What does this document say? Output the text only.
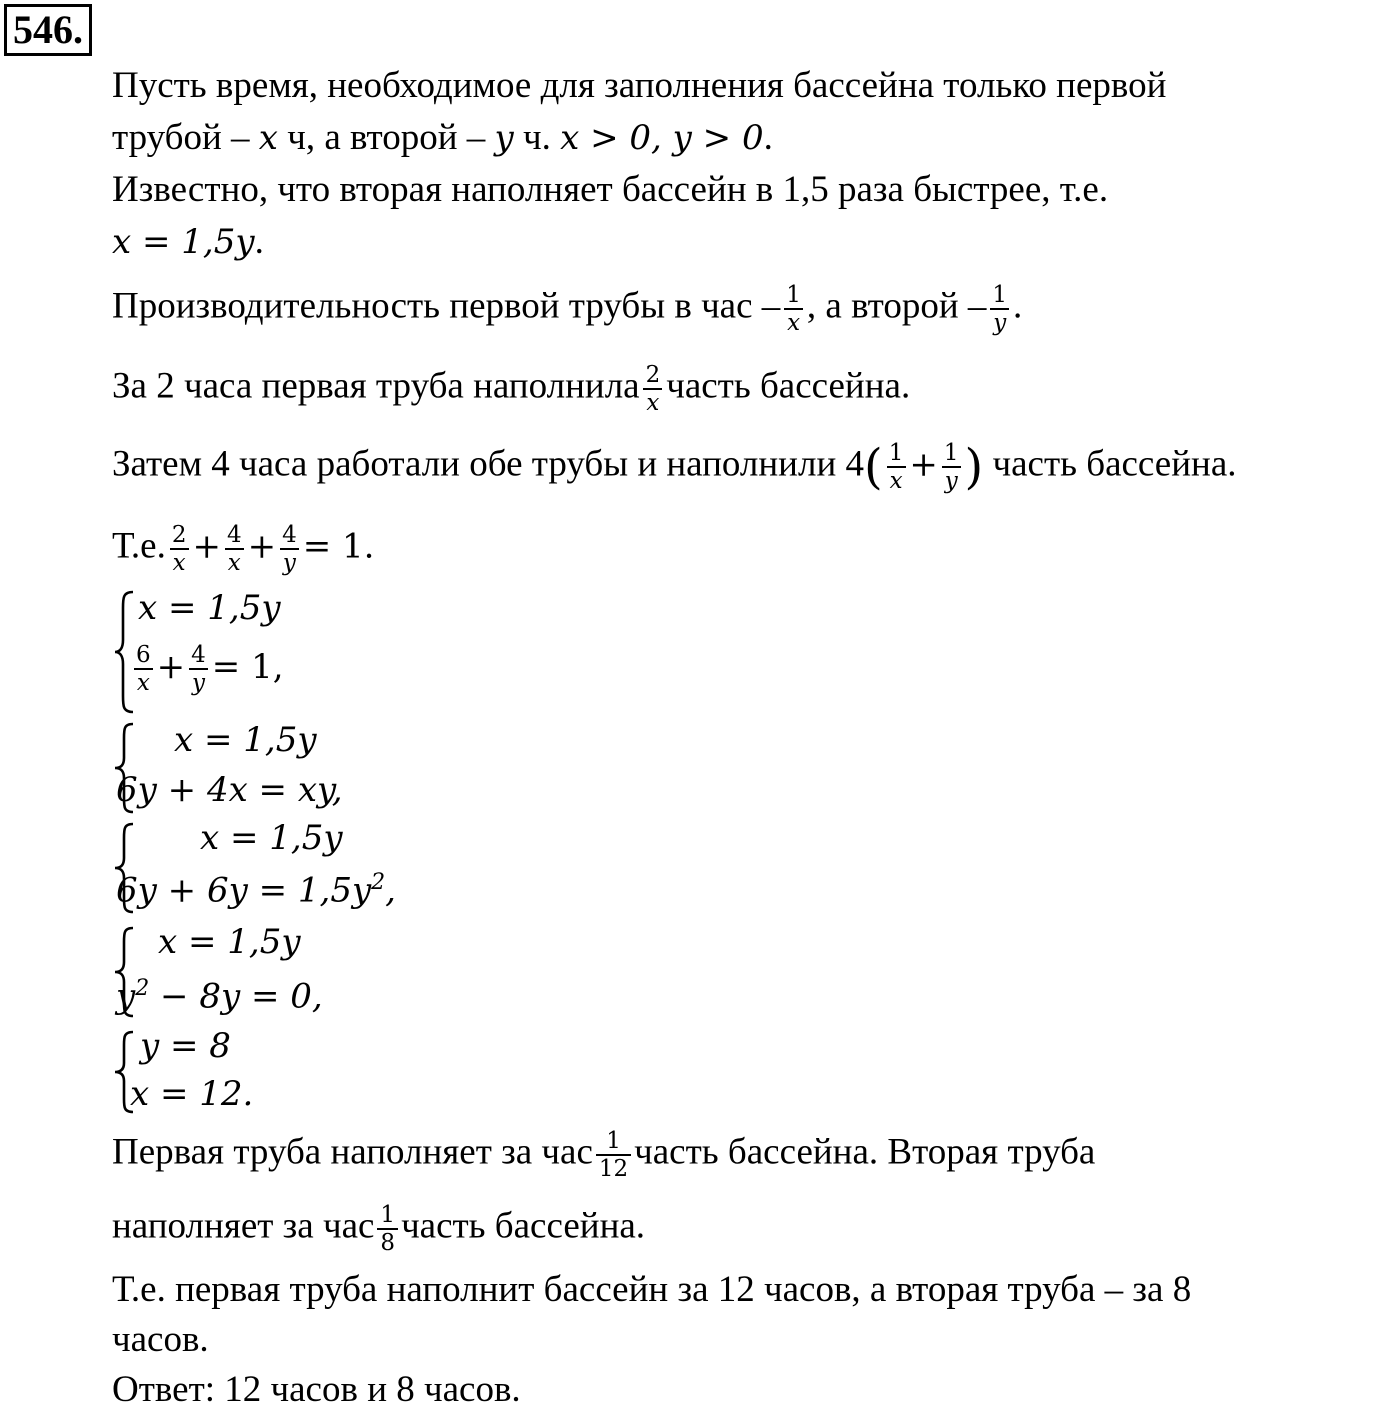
546.
Пусть время, необходимое для заполнения бассейна только первой
трубой – x ч, а второй – y ч. x > 0, y > 0.
Известно, что вторая наполняет бассейн в 1,5 раза быстрее, т.е.
x = 1,5y.
Производительность первой трубы в час – $\frac{1}{x}$ , а второй – $\frac{1}{y}$ .
За 2 часа первая труба наполнила $\frac{2}{x}$ часть бассейна.
Затем 4 часа работали обе трубы и наполнили $4( \frac{1}{x} + \frac{1}{y}$ ) часть бассейна.
Т.е. $\frac{2}{x} + \frac{4}{x} + \frac{4}{y} = 1$.
x = 1,5y
$\frac{6}{x} + \frac{4}{y} = 1$,
x = 1,5y
6y + 4x = xy,
x = 1,5y
$6y + 6y = 1,5y^2$,
x = 1,5y
$y^2 - 8y = 0$,
y = 8
x = 12.
Первая труба наполняет за час $\frac{1}{12}$ часть бассейна. Вторая труба
наполняет за час $\frac{1}{8}$ часть бассейна.
Т.е. первая труба наполнит бассейн за 12 часов, а вторая труба – за 8
часов.
Ответ: 12 часов и 8 часов.
